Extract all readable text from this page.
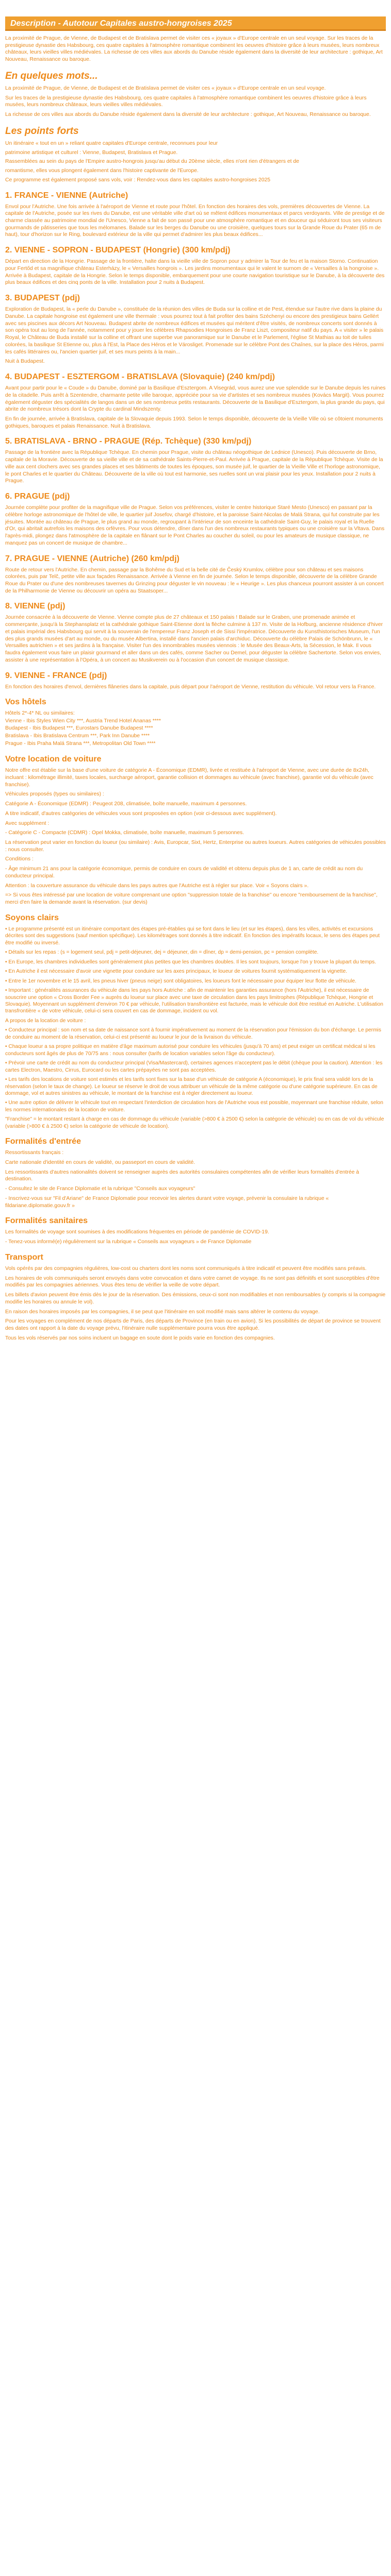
Description - Autotour Capitales austro-hongroises 2025

La proximité de Prague, de Vienne, de Budapest et de Bratislava permet de visiter ces « joyaux » d'Europe centrale en un seul voyage. Sur les traces de la prestigieuse dynastie des Habsbourg, ces quatre capitales à l'atmosphère romantique combinent les oeuvres d'histoire grâce à leurs musées, leurs nombreux châteaux, leurs vieilles villes médiévales. La richesse de ces villes aux abords du Danube réside également dans la diversité de leur architecture : gothique, Art Nouveau, Renaissance ou baroque.

En quelques mots...

La proximité de Prague, de Vienne, de Budapest et de Bratislava permet de visiter ces « joyaux » d'Europe centrale en un seul voyage.

Sur les traces de la prestigieuse dynastie des Habsbourg, ces quatre capitales à l'atmosphère romantique combinent les oeuvres d'histoire grâce à leurs musées, leurs nombreux châteaux, leurs vieilles villes médiévales.

La richesse de ces villes aux abords du Danube réside également dans la diversité de leur architecture : gothique, Art Nouveau, Renaissance ou baroque.

Les points forts

Un itinéraire « tout en un » reliant quatre capitales d'Europe centrale, reconnues pour leur

patrimoine artistique et culturel : Vienne, Budapest, Bratislava et Prague.

Rassemblées au sein du pays de l'Empire austro-hongrois jusqu'au début du 20ème siècle, elles n'ont rien d'étrangers et de

romantisme, elles vous plongent également dans l'histoire captivante de l'Europe.

Ce programme est également proposé sans vols, voir : Rendez-vous dans les capitales austro-hongroises 2025

1. FRANCE - VIENNE (Autriche)

Envol pour l'Autriche. Une fois arrivée à l'aéroport de Vienne et route pour l'hôtel. En fonction des horaires des vols, premières découvertes de Vienne. La capitale de l'Autriche, posée sur les rives du Danube, est une véritable ville d'art où se mêlent édifices monumentaux et parcs verdoyants. Ville de prestige et de charme classée au patrimoine mondial de l'Unesco, Vienne a fait de son passé pour une atmosphère romantique et en douceur qui séduiront tous ses visiteurs gourmands de pâtisseries que tous les mélomanes. Balade sur les berges du Danube ou une croisière, quelques tours sur la Grande Roue du Prater (65 m de haut), tour d'horizon sur le Ring, boulevard extérieur de la ville qui permet d'admirer les plus beaux édifices...

2. VIENNE - SOPRON - BUDAPEST (Hongrie) (300 km/pdj)

Départ en direction de la Hongrie. Passage de la frontière, halte dans la vieille ville de Sopron pour y admirer la Tour de feu et la maison Storno. Continuation pour Fertőd et sa magnifique château Esterházy, le « Versailles hongrois ». Les jardins monumentaux qui le valent le surnom de « Versailles à la hongroise ». Arrivée à Budapest, capitale de la Hongrie. Selon le temps disponible, embarquement pour une courte navigation touristique sur le Danube, à la découverte des plus beaux édifices et des cinq ponts de la ville. Installation pour 2 nuits à Budapest.

3. BUDAPEST (pdj)

Exploration de Budapest, la « perle du Danube », constituée de la réunion des villes de Buda sur la colline et de Pest, étendue sur l'autre rive dans la plaine du Danube. La capitale hongroise est également une ville thermale : vous pourrez tout à fait profiter des bains Széchenyi ou encore des prestigieux bains Gellért avec ses piscines aux décors Art Nouveau. Budapest abrite de nombreux édifices et musées qui méritent d'être visités, de nombreux concerts sont donnés à son opéra tout au long de l'année, notamment pour y jouer les célèbres Rhapsodies Hongroises de Franz Liszt, compositeur natif du pays. A « visiter » le palais Royal, le Château de Buda installé sur la colline et offrant une superbe vue panoramique sur le Danube et le Parlement, l'église St Mathias au toit de tuiles colorées, la basilique St Etienne ou, plus à l'Est, la Place des Héros et le Városliget. Promenade sur le célèbre Pont des Chaînes, sur la place des Héros, parmi les cafés littéraires ou, l'ancien quartier juif, et ses murs peints à la main...

Nuit à Budapest.

4. BUDAPEST - ESZTERGOM - BRATISLAVA (Slovaquie) (240 km/pdj)

Avant pour partir pour le « Coude » du Danube, dominé par la Basilique d'Esztergom. A Visegrád, vous aurez une vue splendide sur le Danube depuis les ruines de la citadelle. Puis arrêt à Szentendre, charmante petite ville baroque, appréciée pour sa vie d'artistes et ses nombreux musées (Kovács Margit). Vous pourrez également déguster des spécialités de langos dans un de ses nombreux petits restaurants. Découverte de la Basilique d'Esztergom, la plus grande du pays, qui abrite de nombreux trésors dont la Crypte du cardinal Mindszenty.

En fin de journée, arrivée à Bratislava, capitale de la Slovaquie depuis 1993. Selon le temps disponible, découverte de la Vieille Ville où se côtoient monuments gothiques, baroques et palais Renaissance. Nuit à Bratislava.

5. BRATISLAVA - BRNO - PRAGUE (Rép. Tchèque) (330 km/pdj)

Passage de la frontière avec la République Tchèque. En chemin pour Prague, visite du château néogothique de Lednice (Unesco). Puis découverte de Brno, capitale de la Moravie. Découverte de sa vieille ville et de sa cathédrale Saints-Pierre-et-Paul. Arrivée à Prague, capitale de la République Tchèque. Visite de la ville aux cent clochers avec ses grandes places et ses bâtiments de toutes les époques, son musée juif, le quartier de la Vieille Ville et l'horloge astronomique, le pont Charles et le quartier du Château. Découverte de la ville où tout est harmonie, ses ruelles sont un vrai plaisir pour les yeux. Installation pour 2 nuits à Prague.

6. PRAGUE (pdj)

Journée complète pour profiter de la magnifique ville de Prague. Selon vos préférences, visiter le centre historique Staré Mesto (Unesco) en passant par la célèbre horloge astronomique de l'hôtel de ville, le quartier juif Josefov, chargé d'histoire, et la paroisse Saint-Nicolas de Malá Strana, qui fut construite par les jésuites. Montée au château de Prague, le plus grand au monde, regroupant à l'intérieur de son enceinte la cathédrale Saint-Guy, le palais royal et la Ruelle d'Or, qui abritait autrefois les maisons des orfèvres. Pour vous détendre, dîner dans l'un des nombreux restaurants typiques ou une croisière sur la Vltava. Dans l'après-midi, plongez dans l'atmosphère de la capitale en flânant sur le Pont Charles au coucher du soleil, ou pour les amateurs de musique classique, ne manquez pas un concert de musique de chambre...

7. PRAGUE - VIENNE (Autriche) (260 km/pdj)

Route de retour vers l'Autriche. En chemin, passage par la Bohême du Sud et la belle cité de Český Krumlov, célèbre pour son château et ses maisons colorées, puis par Telč, petite ville aux façades Renaissance. Arrivée à Vienne en fin de journée. Selon le temps disponible, découverte de la célèbre Grande Roue du Prater ou d'une des nombreuses tavernes du Grinzing pour déguster le vin nouveau : le « Heurige ». Les plus chanceux pourront assister à un concert de la Philharmonie de Vienne ou découvrir un opéra au Staatsoper...

8. VIENNE (pdj)

Journée consacrée à la découverte de Vienne. Vienne compte plus de 27 châteaux et 150 palais ! Balade sur le Graben, une promenade animée et commerçante, jusqu'à la Stephansplatz et la cathédrale gothique Saint-Etienne dont la flèche culmine à 137 m. Visite de la Hofburg, ancienne résidence d'hiver et palais impérial des Habsbourg qui servit à la souverain de l'empereur Franz Joseph et de Sissi l'impératrice. Découverte du Kunsthistorisches Museum, l'un des plus grands musées d'art au monde, ou du musée Albertina, installé dans l'ancien palais d'archiduc. Découverte du célèbre Palais de Schönbrunn, le « Versailles autrichien » et ses jardins à la française. Visiter l'un des innombrables musées viennois : le Musée des Beaux-Arts, la Sécession, le Mak. Il vous faudra également vous faire un plaisir gourmand et aller dans un des cafés, comme Sacher ou Demel, pour déguster la célèbre Sachertorte. Selon vos envies, assister à une représentation à l'Opéra, à un concert au Musikverein ou à l'occasion d'un concert de musique classique.

9. VIENNE - FRANCE (pdj)

En fonction des horaires d'envol, dernières flâneries dans la capitale, puis départ pour l'aéroport de Vienne, restitution du véhicule. Vol retour vers la France.

Vos hôtels

Hôtels 2*-4* NL ou similaires:

Vienne - Ibis Styles Wien City ***, Austria Trend Hotel Ananas ****

Budapest - Ibis Budapest ***, Eurostars Danube Budapest ****

Bratislava - Ibis Bratislava Centrum ***, Park Inn Danube ****

Prague - Ibis Praha Malá Strana ***, Metropolitan Old Town ****

Votre location de voiture

Notre offre est établie sur la base d'une voiture de catégorie A - Économique (EDMR), livrée et restituée à l'aéroport de Vienne, avec une durée de 8x24h, incluant : kilométrage illimité, taxes locales, surcharge aéroport, garantie collision et dommages au véhicule (avec franchise), garantie vol du véhicule (avec franchise).

Véhicules proposés (types ou similaires) :

Catégorie A - Économique (EDMR) : Peugeot 208, climatisée, boîte manuelle, maximum 4 personnes.

A titre indicatif, d'autres catégories de véhicules vous sont proposées en option (voir ci-dessous avec supplément).

Avec supplément :

- Catégorie C - Compacte (CDMR) : Opel Mokka, climatisée, boîte manuelle, maximum 5 personnes.

La réservation peut varier en fonction du loueur (ou similaire) : Avis, Europcar, Sixt, Hertz, Enterprise ou autres loueurs. Autres catégories de véhicules possibles : nous consulter.

Conditions :

- Âge minimum 21 ans pour la catégorie économique, permis de conduire en cours de validité et obtenu depuis plus de 1 an, carte de crédit au nom du conducteur principal.

Attention : la couverture assurance du véhicule dans les pays autres que l'Autriche est à régler sur place. Voir « Soyons clairs ».

=> Si vous êtes intéressé par une location de voiture comprenant une option "suppression totale de la franchise" ou encore "remboursement de la franchise", merci d'en faire la demande avant la réservation. (sur devis)

Soyons clairs

• Le programme présenté est un itinéraire comportant des étapes pré-établies qui se font dans le lieu (et sur les étapes), dans les villes, activités et excursions décrites sont des suggestions (sauf mention spécifique). Les kilométrages sont donnés à titre indicatif. En fonction des impératifs locaux, le sens des étapes peut être modifié ou inversé.

• Détails sur les repas : (s = logement seul, pdj = petit-déjeuner, dej = déjeuner, din = dîner, dp = demi-pension, pc = pension complète.

• En Europe, les chambres individuelles sont généralement plus petites que les chambres doubles. Il les sont toujours, lorsque l'on y trouve la plupart du temps.

• En Autriche il est nécessaire d'avoir une vignette pour conduire sur les axes principaux, le loueur de voitures fournit systématiquement la vignette.

• Entre le 1er novembre et le 15 avril, les pneus hiver (pneus neige) sont obligatoires, les loueurs font le nécessaire pour équiper leur flotte de véhicule.

• Important : généralités assurances du véhicule dans les pays hors Autriche : afin de maintenir les garanties assurance (hors l'Autriche), il est nécessaire de souscrire une option « Cross Border Fee » auprès du loueur sur place avec une taxe de circulation dans les pays limitrophes (République Tchèque, Hongrie et Slovaquie). Moyennant un supplément d'environ 70 € par véhicule, l'utilisation transfrontière est facturée, mais le véhicule doit être restitué en Autriche. L'utilisation transfrontière « de votre véhicule, celui-ci sera couvert en cas de dommage, incident ou vol.

A propos de la location de voiture :

• Conducteur principal : son nom et sa date de naissance sont à fournir impérativement au moment de la réservation pour l'émission du bon d'échange. Le permis de conduire au moment de la réservation, celui-ci est présenté au loueur le jour de la livraison du véhicule.

• Chaque loueur a sa propre politique en matière d'âge maximum autorisé pour conduire les véhicules (jusqu'à 70 ans) et peut exiger un certificat médical si les conducteurs sont âgés de plus de 70/75 ans : nous consulter (tarifs de location variables selon l'âge du conducteur).

• Prévoir une carte de crédit au nom du conducteur principal (Visa/Mastercard), certaines agences n'acceptent pas le débit (chèque pour la caution). Attention : les cartes Electron, Maestro, Cirrus, Eurocard ou les cartes prépayées ne sont pas acceptées.

• Les tarifs des locations de voiture sont estimés et les tarifs sont fixes sur la base d'un véhicule de catégorie A (économique), le prix final sera validé lors de la réservation (selon le taux de change). Le loueur se réserve le droit de vous attribuer un véhicule de la même catégorie ou d'une catégorie supérieure. En cas de dommage, vol et autres sinistres au véhicule, le montant de la franchise est à régler directement au loueur.

• Une autre option de délivrer le véhicule tout en respectant l'interdiction de circulation hors de l'Autriche vous est possible, moyennant une franchise réduite, selon les normes internationales de la location de voiture.

"Franchise" = le montant restant à charge en cas de dommage du véhicule (variable (>800 € à 2500 €) selon la catégorie de véhicule) ou en cas de vol du véhicule (variable (>800 € à 2500 €) selon la catégorie de véhicule de location).

Formalités d'entrée

Ressortissants français :

Carte nationale d'identité en cours de validité, ou passeport en cours de validité.

Les ressortissants d'autres nationalités doivent se renseigner auprès des autorités consulaires compétentes afin de vérifier leurs formalités d'entrée à destination.

- Consultez le site de France Diplomatie et la rubrique "Conseils aux voyageurs"

- Inscrivez-vous sur "Fil d'Ariane" de France Diplomatie pour recevoir les alertes durant votre voyage, prévenir la consulaire la rubrique « fildariane.diplomatie.gouv.fr »

Formalités sanitaires

Les formalités de voyage sont soumises à des modifications fréquentes en période de pandémie de COVID-19.

- Tenez-vous informé(e) régulièrement sur la rubrique « Conseils aux voyageurs » de France Diplomatie

Transport

Vols opérés par des compagnies régulières, low-cost ou charters dont les noms sont communiqués à titre indicatif et peuvent être modifiés sans préavis.

Les horaires de vols communiqués seront envoyés dans votre convocation et dans votre carnet de voyage. Ils ne sont pas définitifs et sont susceptibles d'être modifiés par les compagnies aériennes. Vous êtes tenu de vérifier la veille de votre départ.

Les billets d'avion peuvent être émis dès le jour de la réservation. Des émissions, ceux-ci sont non modifiables et non remboursables (y compris si la compagnie modifie les horaires ou annule le vol).

En raison des horaires imposés par les compagnies, il se peut que l'itinéraire en soit modifié mais sans altérer le contenu du voyage.

Pour les voyages en complément de nos départs de Paris, des départs de Province (en train ou en avion). Si les possibilités de départ de province se trouvent des dates ont rapport à la date du voyage prévu, l'itinéraire nulle supplémentaire pourra vous être appliqué.

Tous les vols réservés par nos soins incluent un bagage en soute dont le poids varie en fonction des compagnies.
